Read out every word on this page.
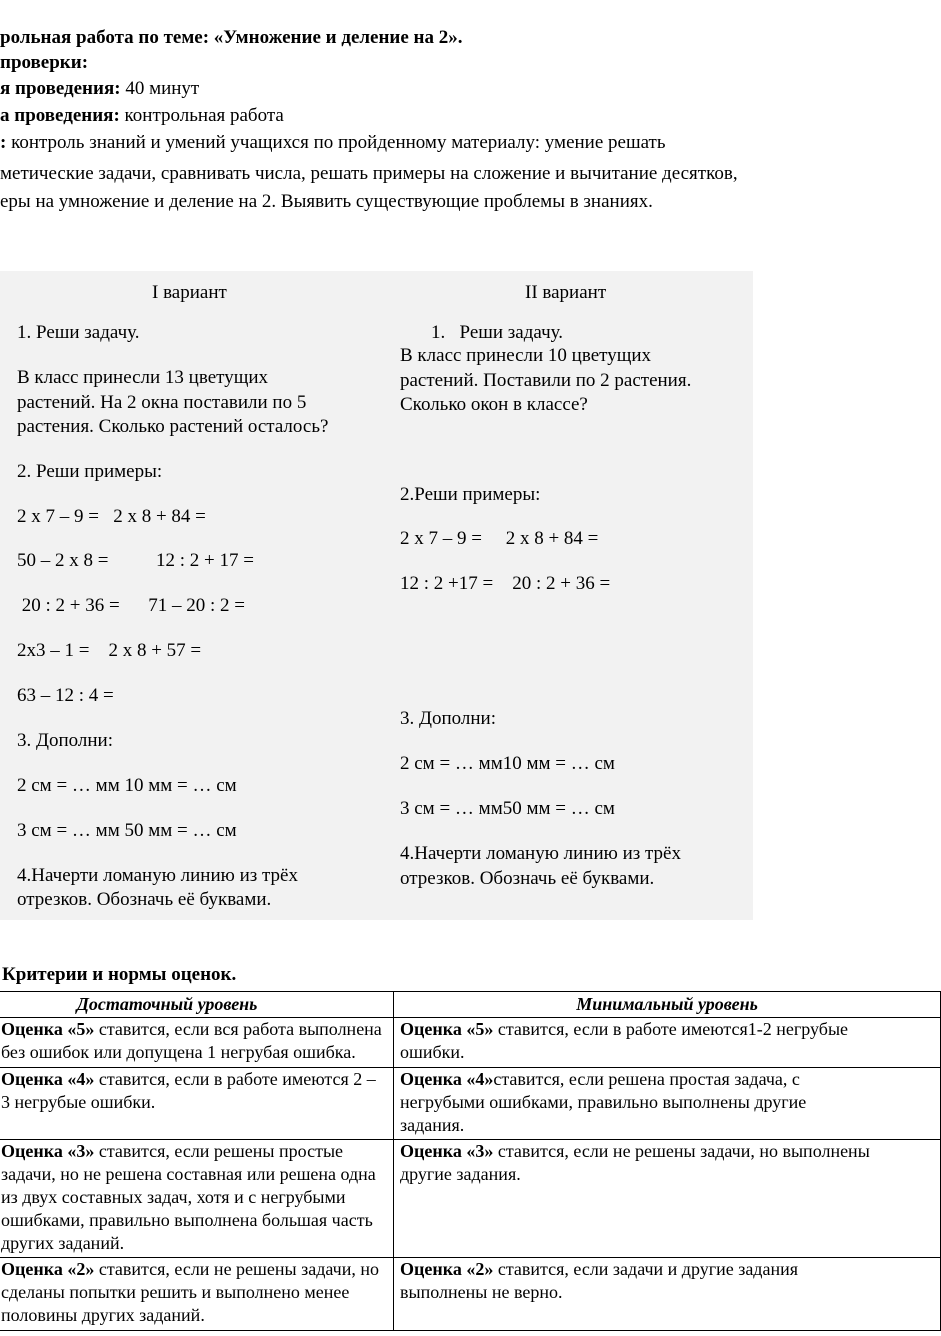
рольная работа по теме: «Умножение и деление на 2».
проверки:
я проведения: 40 минут
а проведения: контрольная работа
: контроль знаний и умений учащихся по пройденному материалу: умение решать
метические задачи, сравнивать числа, решать примеры на сложение и вычитание десятков,
еры на умножение и деление на 2. Выявить существующие проблемы в знаниях.
I вариант
1. Реши задачу.
В класс принесли 13 цветущих
растений. На 2 окна поставили по 5
растения. Сколько растений осталось?
2. Реши примеры:
2 х 7 – 9 =   2 х 8 + 84 =
50 – 2 х 8 =          12 : 2 + 17 =
20 : 2 + 36 =      71 – 20 : 2 =
2х3 – 1 =    2 х 8 + 57 =
63 – 12 : 4 =
3. Дополни:
2 см = … мм 10 мм = … см
3 см = … мм 50 мм = … см
4.Начерти ломаную линию из трёх
отрезков. Обозначь её буквами.
II вариант
1.   Реши задачу.
В класс принесли 10 цветущих
растений. Поставили по 2 растения.
Сколько окон в классе?
2.Реши примеры:
2 х 7 – 9 =     2 х 8 + 84 =
12 : 2 +17 =    20 : 2 + 36 =
3. Дополни:
2 см = … мм10 мм = … см
3 см = … мм50 мм = … см
4.Начерти ломаную линию из трёх
отрезков. Обозначь её буквами.
Критерии и нормы оценок.
Достаточный уровень	Минимальный уровень

Оценка «5» ставится, если вся работа выполнена без ошибок или допущена 1 негрубая ошибка.	Оценка «5» ставится, если в работе имеются1-2 негрубые ошибки.

Оценка «4» ставится, если в работе имеются 2 – 3 негрубые ошибки.	Оценка «4»ставится, если решена простая задача, с негрубыми ошибками, правильно выполнены другие задания.

Оценка «3» ставится, если решены простые задачи, но не решена составная или решена одна из двух составных задач, хотя и с негрубыми ошибками, правильно выполнена большая часть других заданий.	Оценка «3» ставится, если не решены задачи, но выполнены другие задания.

Оценка «2» ставится, если не решены задачи, но сделаны попытки решить и выполнено менее половины других заданий.	Оценка «2» ставится, если задачи и другие задания выполнены не верно.
